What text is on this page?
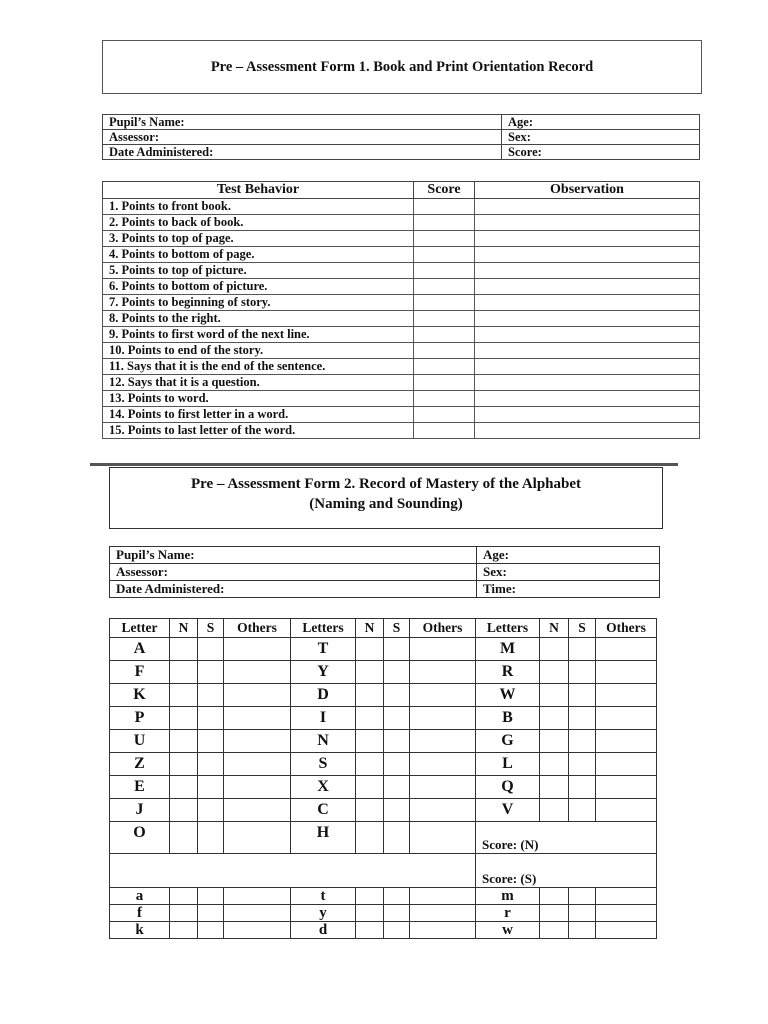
Pre – Assessment Form 1. Book and Print Orientation Record
Pupil’s Name:	Age:
Assessor:	Sex:
Date Administered:	Score:
Test Behavior	Score	Observation
1. Points to front book.		
2. Points to back of book.		
3. Points to top of page.		
4. Points to bottom of page.		
5. Points to top of picture.		
6. Points to bottom of picture.		
7. Points to beginning of story.		
8. Points to the right.		
9. Points to first word of the next line.		
10. Points to end of the story.		
11. Says that it is the end of the sentence.		
12. Says that it is a question.		
13. Points to word.		
14. Points to first letter in a word.		
15. Points to last letter of the word.		
Pre – Assessment Form 2. Record of Mastery of the Alphabet
(Naming and Sounding)
Pupil’s Name:	Age:
Assessor:	Sex:
Date Administered:	Time:
Letter	N	S	Others	Letters	N	S	Others	Letters	N	S	Others
A				T				M			
F				Y				R			
K				D				W			
P				I				B			
U				N				G			
Z				S				L			
E				X				Q			
J				C				V			
O				H				Score: (N)			
								Score: (S)			
a				t				m			
f				y				r			
k				d				w			
